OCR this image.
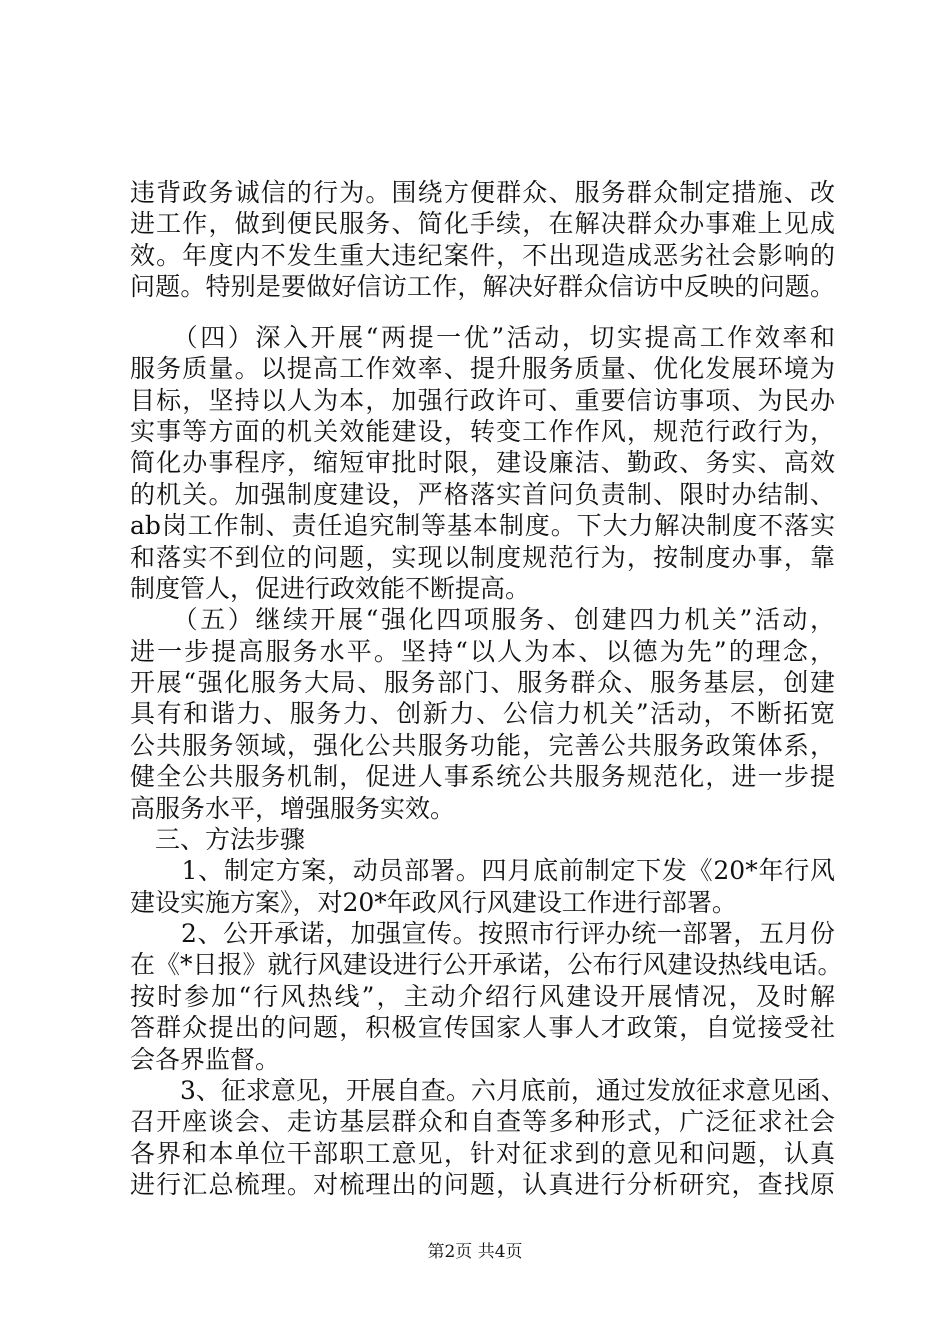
违背政务诚信的行为。围绕方便群众、服务群众制定措施、改
进工作，做到便民服务、简化手续，在解决群众办事难上见成
效。年度内不发生重大违纪案件，不出现造成恶劣社会影响的
问题。特别是要做好信访工作，解决好群众信访中反映的问题。
　　（四）深入开展“两提一优”活动，切实提高工作效率和
服务质量。以提高工作效率、提升服务质量、优化发展环境为
目标，坚持以人为本，加强行政许可、重要信访事项、为民办
实事等方面的机关效能建设，转变工作作风，规范行政行为，
简化办事程序，缩短审批时限，建设廉洁、勤政、务实、高效
的机关。加强制度建设，严格落实首问负责制、限时办结制、
ab岗工作制、责任追究制等基本制度。下大力解决制度不落实
和落实不到位的问题，实现以制度规范行为，按制度办事，靠
制度管人，促进行政效能不断提高。
　　（五）继续开展“强化四项服务、创建四力机关”活动，
进一步提高服务水平。坚持“以人为本、以德为先”的理念，
开展“强化服务大局、服务部门、服务群众、服务基层，创建
具有和谐力、服务力、创新力、公信力机关”活动，不断拓宽
公共服务领域，强化公共服务功能，完善公共服务政策体系，
健全公共服务机制，促进人事系统公共服务规范化，进一步提
高服务水平，增强服务实效。
　三、方法步骤
　　1、制定方案，动员部署。四月底前制定下发《20*年行风
建设实施方案》，对20*年政风行风建设工作进行部署。
　　2、公开承诺，加强宣传。按照市行评办统一部署，五月份
在《*日报》就行风建设进行公开承诺，公布行风建设热线电话。
按时参加“行风热线”，主动介绍行风建设开展情况，及时解
答群众提出的问题，积极宣传国家人事人才政策，自觉接受社
会各界监督。
　　3、征求意见，开展自查。六月底前，通过发放征求意见函、
召开座谈会、走访基层群众和自查等多种形式，广泛征求社会
各界和本单位干部职工意见，针对征求到的意见和问题，认真
进行汇总梳理。对梳理出的问题，认真进行分析研究，查找原
第2页 共4页
